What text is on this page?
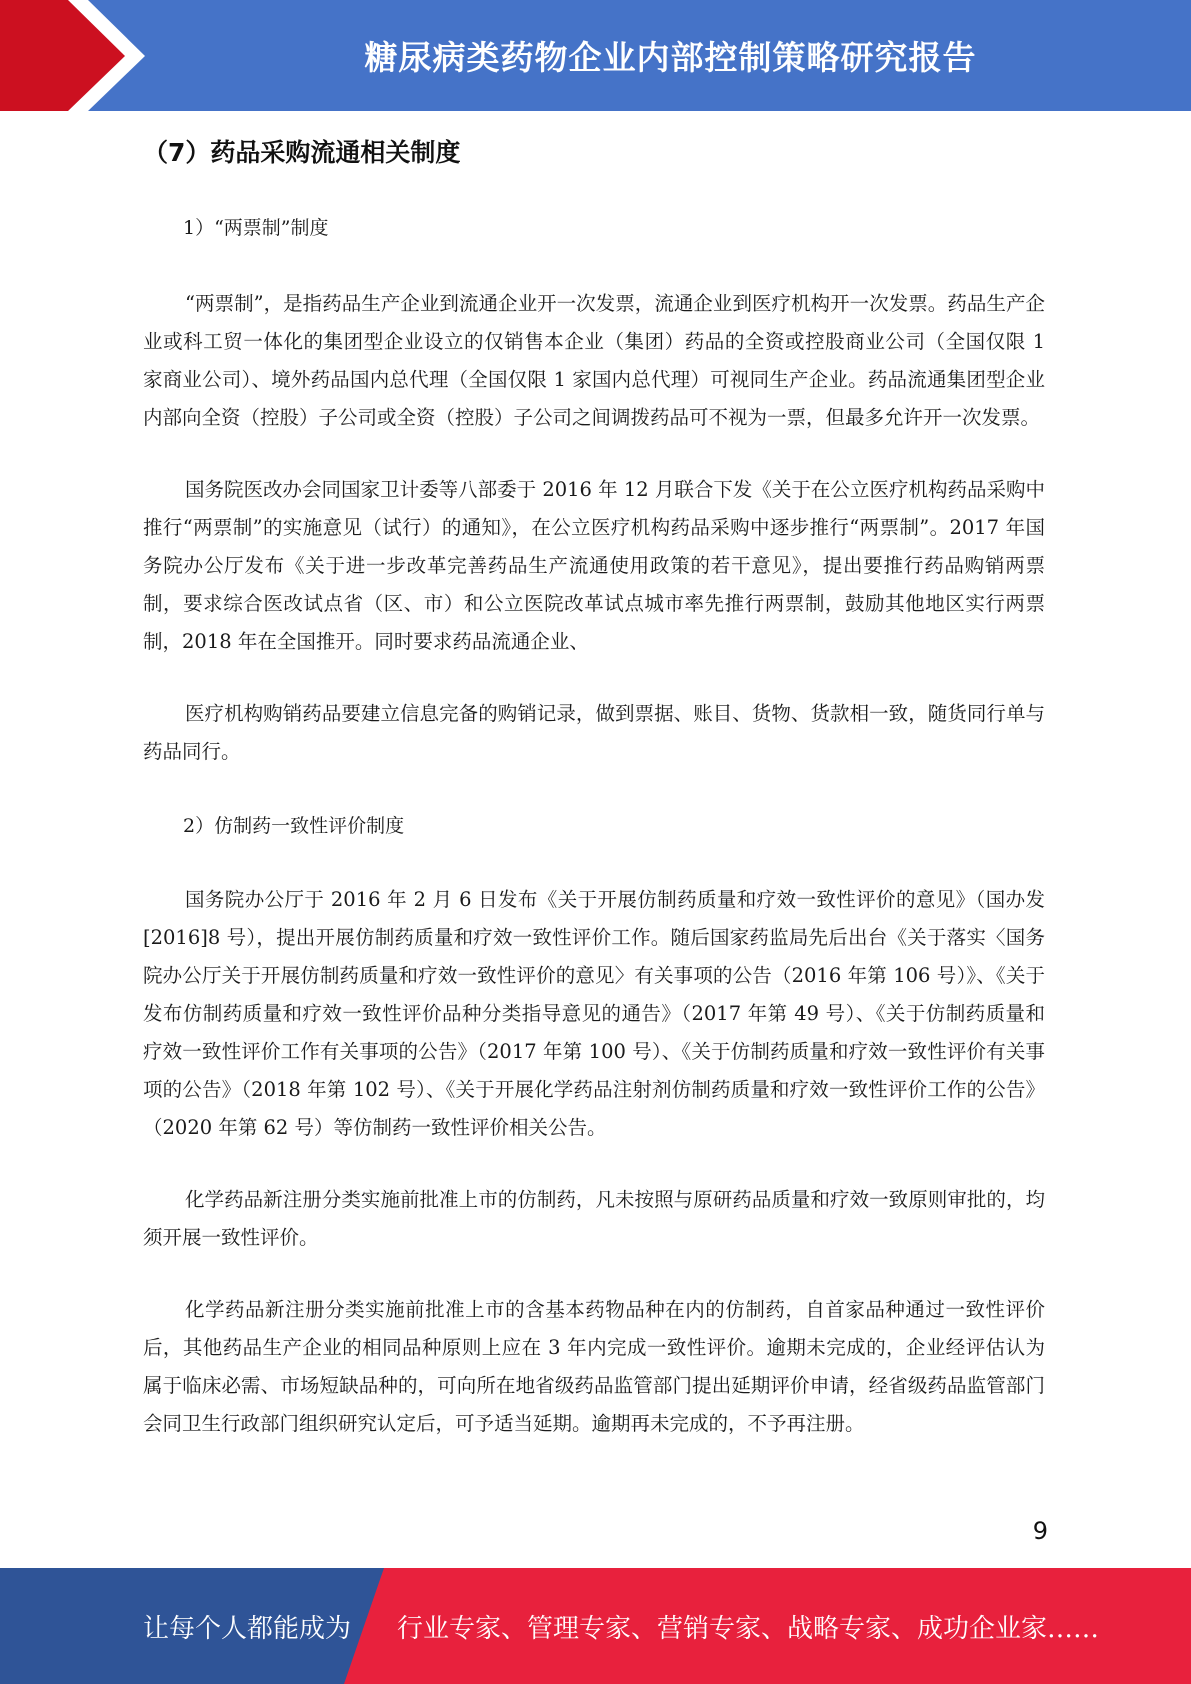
糖尿病类药物企业内部控制策略研究报告
（7）药品采购流通相关制度
1）“两票制”制度

“两票制”，是指药品生产企业到流通企业开一次发票，流通企业到医疗机构开一次发票。药品生产企业或科工贸一体化的集团型企业设立的仅销售本企业（集团）药品的全资或控股商业公司（全国仅限 1 家商业公司）、境外药品国内总代理（全国仅限 1 家国内总代理）可视同生产企业。药品流通集团型企业内部向全资（控股）子公司或全资（控股）子公司之间调拨药品可不视为一票，但最多允许开一次发票。

国务院医改办会同国家卫计委等八部委于 2016 年 12 月联合下发《关于在公立医疗机构药品采购中推行“两票制”的实施意见（试行）的通知》，在公立医疗机构药品采购中逐步推行“两票制”。2017 年国务院办公厅发布《关于进一步改革完善药品生产流通使用政策的若干意见》，提出要推行药品购销两票制，要求综合医改试点省（区、市）和公立医院改革试点城市率先推行两票制，鼓励其他地区实行两票制，2018 年在全国推开。同时要求药品流通企业、

医疗机构购销药品要建立信息完备的购销记录，做到票据、账目、货物、货款相一致，随货同行单与药品同行。

2）仿制药一致性评价制度

国务院办公厅于 2016 年 2 月 6 日发布《关于开展仿制药质量和疗效一致性评价的意见》（国办发[2016]8 号），提出开展仿制药质量和疗效一致性评价工作。随后国家药监局先后出台《关于落实〈国务院办公厅关于开展仿制药质量和疗效一致性评价的意见〉有关事项的公告（2016 年第 106 号）》、《关于发布仿制药质量和疗效一致性评价品种分类指导意见的通告》（2017 年第 49 号）、《关于仿制药质量和疗效一致性评价工作有关事项的公告》（2017 年第 100 号）、《关于仿制药质量和疗效一致性评价有关事项的公告》（2018 年第 102 号）、《关于开展化学药品注射剂仿制药质量和疗效一致性评价工作的公告》（2020 年第 62 号）等仿制药一致性评价相关公告。

化学药品新注册分类实施前批准上市的仿制药，凡未按照与原研药品质量和疗效一致原则审批的，均须开展一致性评价。

化学药品新注册分类实施前批准上市的含基本药物品种在内的仿制药，自首家品种通过一致性评价后，其他药品生产企业的相同品种原则上应在 3 年内完成一致性评价。逾期未完成的，企业经评估认为属于临床必需、市场短缺品种的，可向所在地省级药品监管部门提出延期评价申请，经省级药品监管部门会同卫生行政部门组织研究认定后，可予适当延期。逾期再未完成的，不予再注册。

9
让每个人都能成为 行业专家、管理专家、营销专家、战略专家、成功企业家……
